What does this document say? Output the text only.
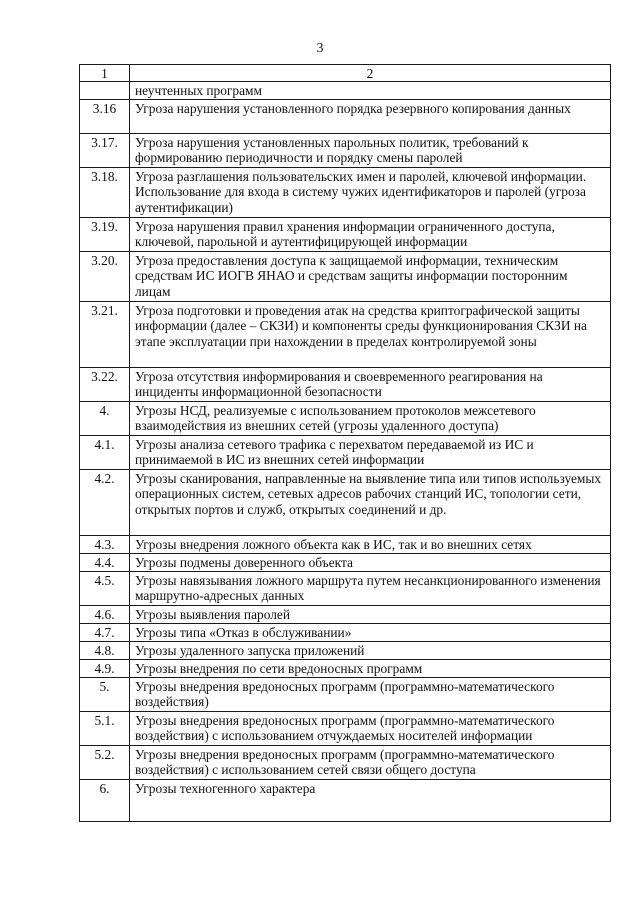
3
1	2
	неучтенных программ
3.16	Угроза нарушения установленного порядка резервного копирования данных
3.17.	Угроза нарушения установленных парольных политик, требований к формированию периодичности и порядку смены паролей
3.18.	Угроза разглашения пользовательских имен и паролей, ключевой информации. Использование для входа в систему чужих идентификаторов и паролей (угроза аутентификации)
3.19.	Угроза нарушения правил хранения информации ограниченного доступа, ключевой, парольной и аутентифицирующей информации
3.20.	Угроза предоставления доступа к защищаемой информации, техническим средствам ИС ИОГВ ЯНАО и средствам защиты информации посторонним лицам
3.21.	Угроза подготовки и проведения атак на средства криптографической защиты информации (далее – СКЗИ) и компоненты среды функционирования СКЗИ на этапе эксплуатации при нахождении в пределах контролируемой зоны
3.22.	Угроза отсутствия информирования и своевременного реагирования на инциденты информационной безопасности
4.	Угрозы НСД, реализуемые с использованием протоколов межсетевого взаимодействия из внешних сетей (угрозы удаленного доступа)
4.1.	Угрозы анализа сетевого трафика с перехватом передаваемой из ИС и принимаемой в ИС из внешних сетей информации
4.2.	Угрозы сканирования, направленные на выявление типа или типов используемых операционных систем, сетевых адресов рабочих станций ИС, топологии сети, открытых портов и служб, открытых соединений и др.
4.3.	Угрозы внедрения ложного объекта как в ИС, так и во внешних сетях
4.4.	Угрозы подмены доверенного объекта
4.5.	Угрозы навязывания ложного маршрута путем несанкционированного изменения маршрутно-адресных данных
4.6.	Угрозы выявления паролей
4.7.	Угрозы типа «Отказ в обслуживании»
4.8.	Угрозы удаленного запуска приложений
4.9.	Угрозы внедрения по сети вредоносных программ
5.	Угрозы внедрения вредоносных программ (программно-математического воздействия)
5.1.	Угрозы внедрения вредоносных программ (программно-математического воздействия) с использованием отчуждаемых носителей информации
5.2.	Угрозы внедрения вредоносных программ (программно-математического воздействия) с использованием сетей связи общего доступа
6.	Угрозы техногенного характера
